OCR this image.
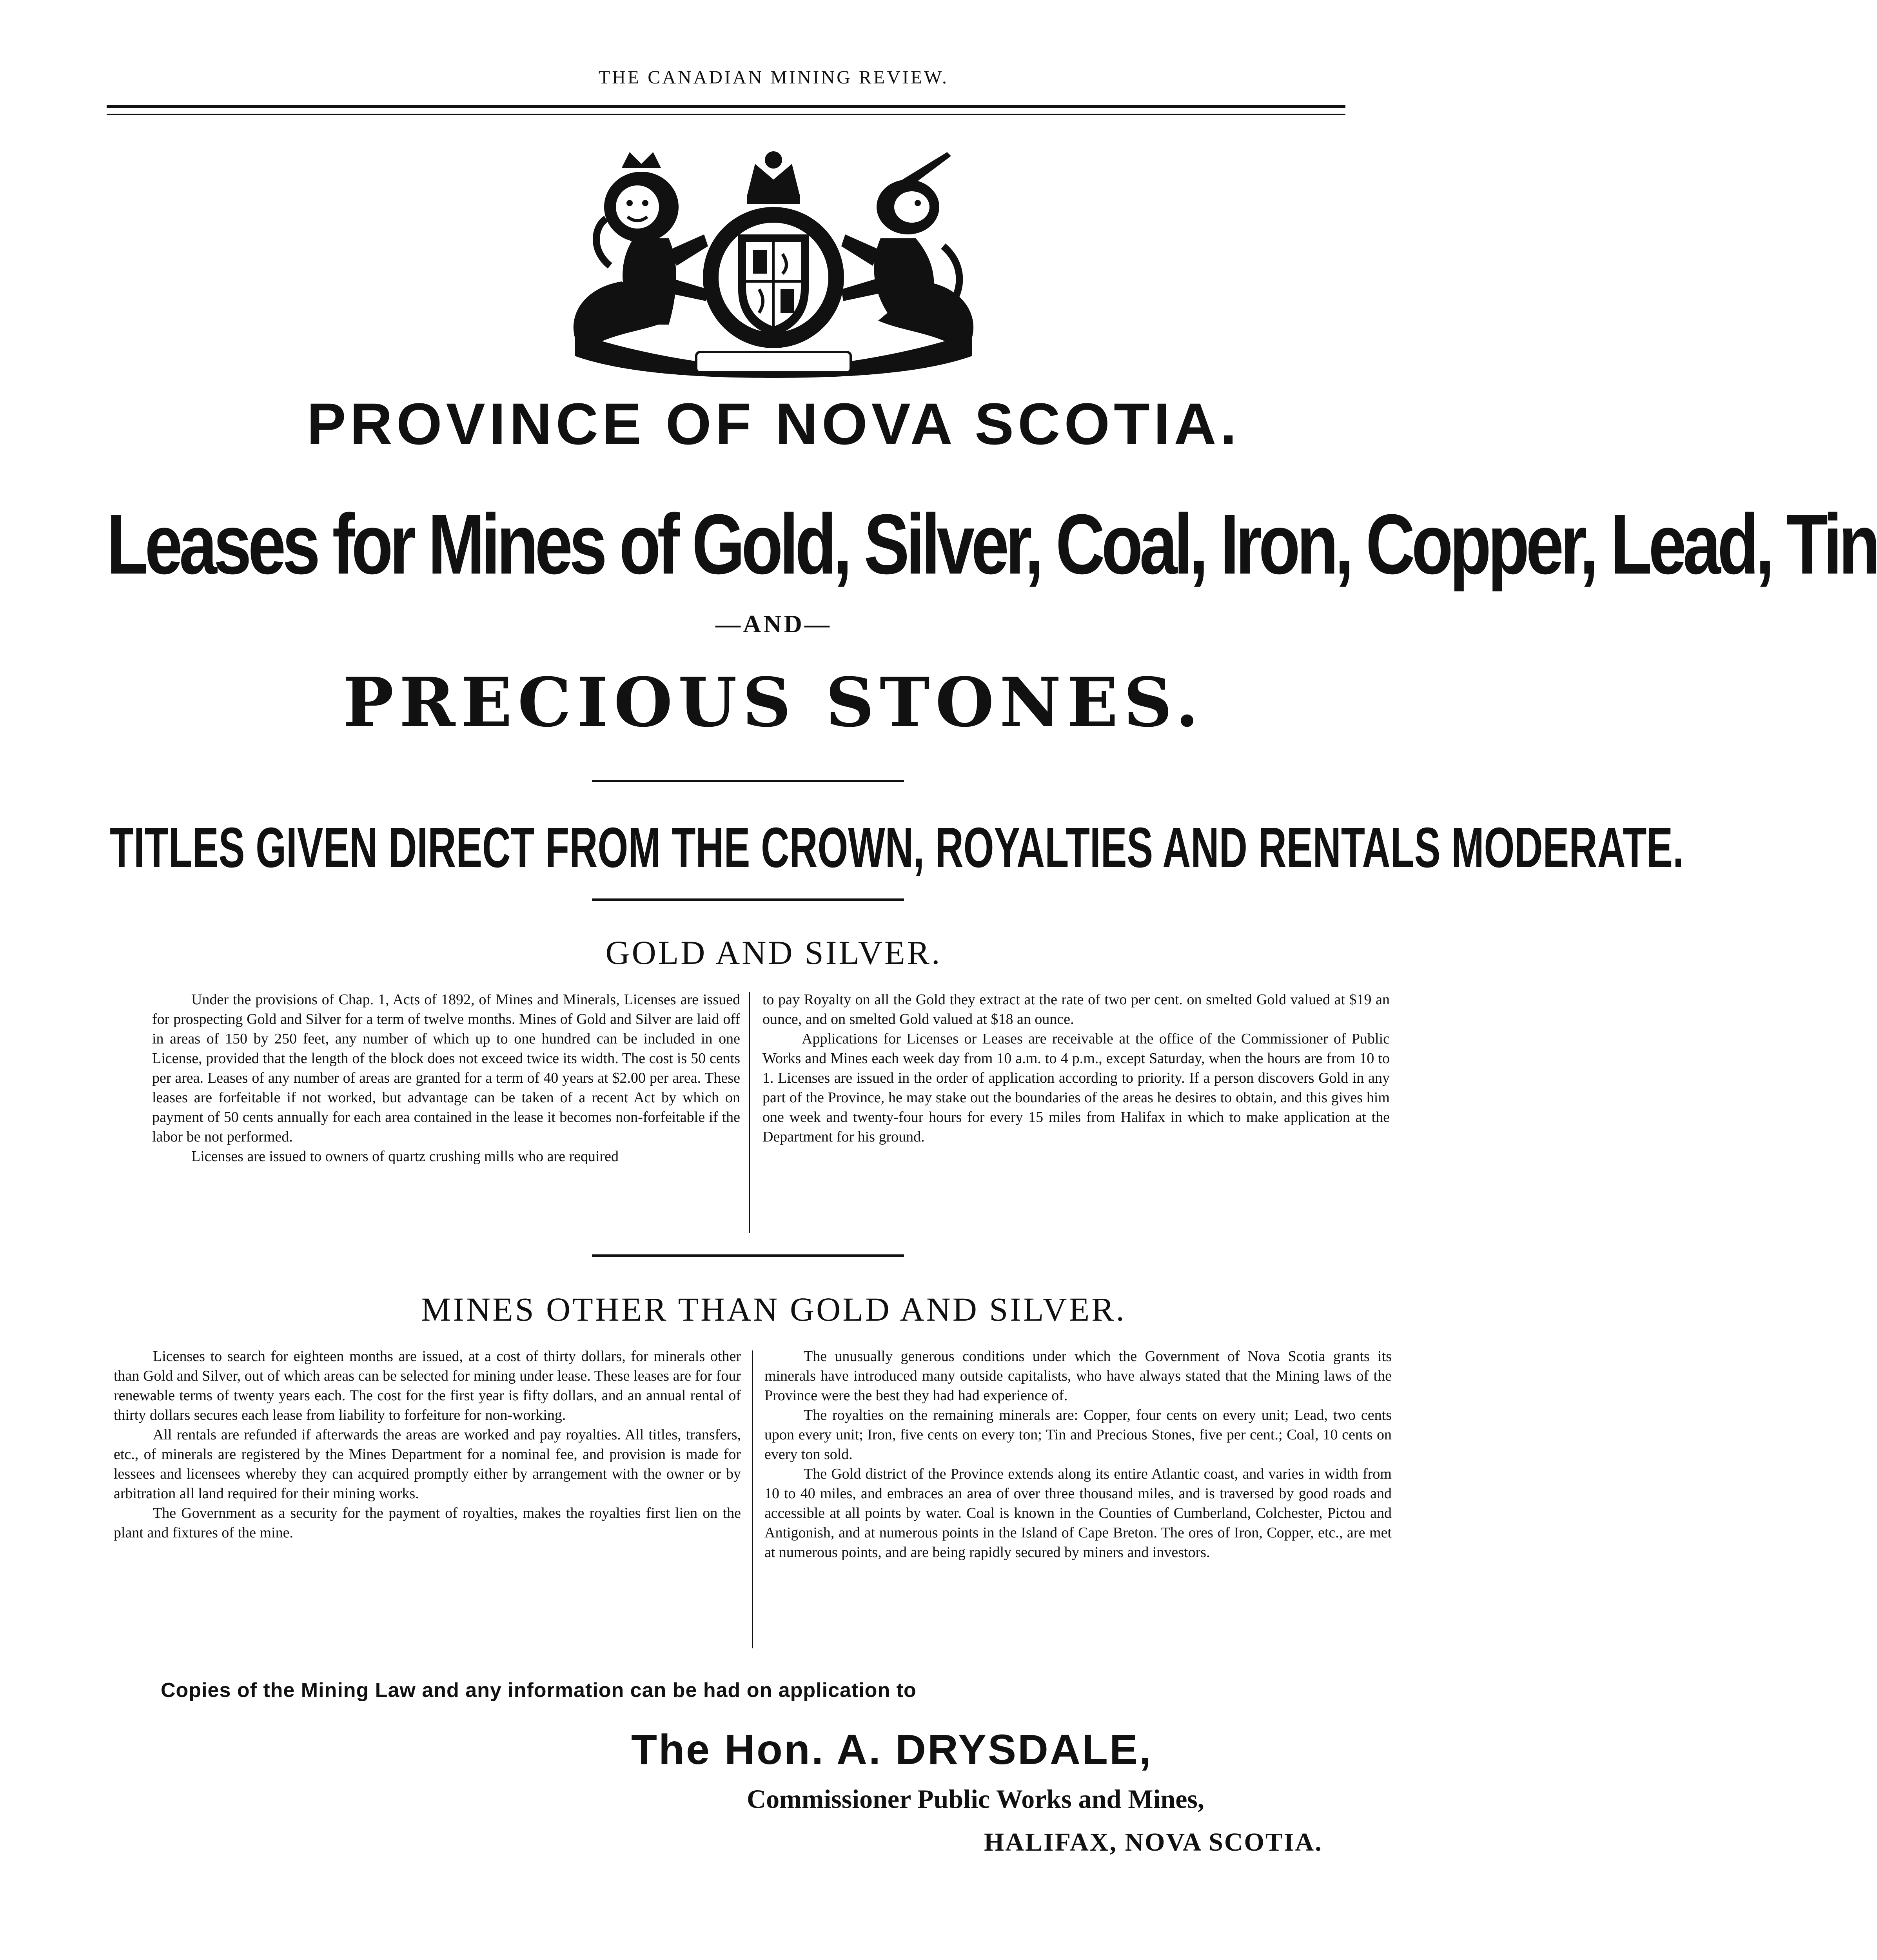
THE CANADIAN MINING REVIEW.
PROVINCE OF NOVA SCOTIA.
Leases for Mines of Gold, Silver, Coal, Iron, Copper, Lead, Tin
—AND—
PRECIOUS STONES.
TITLES GIVEN DIRECT FROM THE CROWN, ROYALTIES AND RENTALS MODERATE.
GOLD AND SILVER.

Under the provisions of Chap. 1, Acts of 1892, of Mines and Minerals, Licenses are issued for prospecting Gold and Silver for a term of twelve months. Mines of Gold and Silver are laid off in areas of 150 by 250 feet, any number of which up to one hundred can be included in one License, provided that the length of the block does not exceed twice its width. The cost is 50 cents per area. Leases of any number of areas are granted for a term of 40 years at $2.00 per area. These leases are forfeitable if not worked, but advantage can be taken of a recent Act by which on payment of 50 cents annually for each area contained in the lease it becomes non-forfeitable if the labor be not performed.

Licenses are issued to owners of quartz crushing mills who are required

to pay Royalty on all the Gold they extract at the rate of two per cent. on smelted Gold valued at $19 an ounce, and on smelted Gold valued at $18 an ounce.

Applications for Licenses or Leases are receivable at the office of the Commissioner of Public Works and Mines each week day from 10 a.m. to 4 p.m., except Saturday, when the hours are from 10 to 1. Licenses are issued in the order of application according to priority. If a person discovers Gold in any part of the Province, he may stake out the boundaries of the areas he desires to obtain, and this gives him one week and twenty-four hours for every 15 miles from Halifax in which to make application at the Department for his ground.

MINES OTHER THAN GOLD AND SILVER.

Licenses to search for eighteen months are issued, at a cost of thirty dollars, for minerals other than Gold and Silver, out of which areas can be selected for mining under lease. These leases are for four renewable terms of twenty years each. The cost for the first year is fifty dollars, and an annual rental of thirty dollars secures each lease from liability to forfeiture for non-working.

All rentals are refunded if afterwards the areas are worked and pay royalties. All titles, transfers, etc., of minerals are registered by the Mines Department for a nominal fee, and provision is made for lessees and licensees whereby they can acquired promptly either by arrangement with the owner or by arbitration all land required for their mining works.

The Government as a security for the payment of royalties, makes the royalties first lien on the plant and fixtures of the mine.

The unusually generous conditions under which the Government of Nova Scotia grants its minerals have introduced many outside capitalists, who have always stated that the Mining laws of the Province were the best they had had experience of.

The royalties on the remaining minerals are: Copper, four cents on every unit; Lead, two cents upon every unit; Iron, five cents on every ton; Tin and Precious Stones, five per cent.; Coal, 10 cents on every ton sold.

The Gold district of the Province extends along its entire Atlantic coast, and varies in width from 10 to 40 miles, and embraces an area of over three thousand miles, and is traversed by good roads and accessible at all points by water. Coal is known in the Counties of Cumberland, Colchester, Pictou and Antigonish, and at numerous points in the Island of Cape Breton. The ores of Iron, Copper, etc., are met at numerous points, and are being rapidly secured by miners and investors.

Copies of the Mining Law and any information can be had on application to
The Hon. A. DRYSDALE,
Commissioner Public Works and Mines,
HALIFAX, NOVA SCOTIA.
